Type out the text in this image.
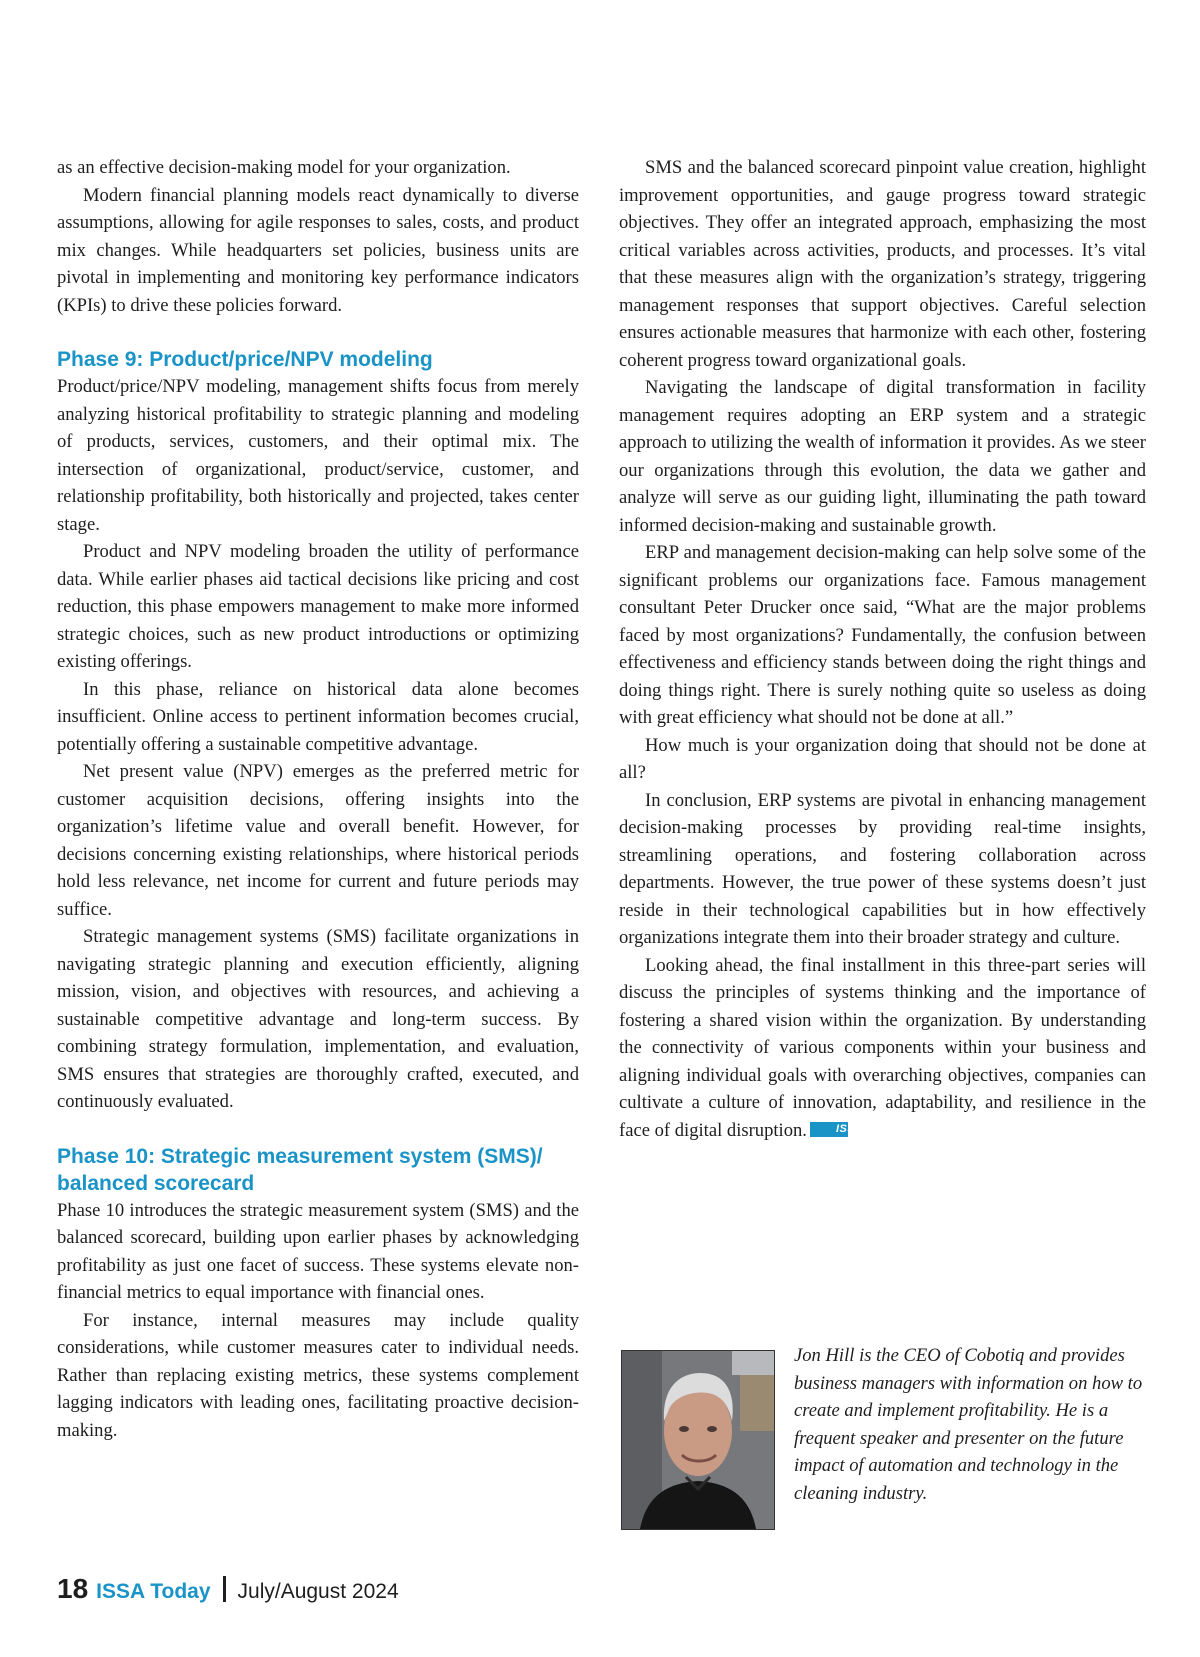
as an effective decision-making model for your organization.

Modern financial planning models react dynamically to diverse assumptions, allowing for agile responses to sales, costs, and product mix changes. While headquarters set policies, business units are pivotal in implementing and monitoring key performance indicators (KPIs) to drive these policies forward.

Phase 9: Product/price/NPV modeling

Product/price/NPV modeling, management shifts focus from merely analyzing historical profitability to strategic planning and modeling of products, services, customers, and their optimal mix. The intersection of organizational, product/service, customer, and relationship profitability, both historically and projected, takes center stage.

Product and NPV modeling broaden the utility of performance data. While earlier phases aid tactical decisions like pricing and cost reduction, this phase empowers management to make more informed strategic choices, such as new product introductions or optimizing existing offerings.

In this phase, reliance on historical data alone becomes insufficient. Online access to pertinent information becomes crucial, potentially offering a sustainable competitive advantage.

Net present value (NPV) emerges as the preferred metric for customer acquisition decisions, offering insights into the organization’s lifetime value and overall benefit. However, for decisions concerning existing relationships, where historical periods hold less relevance, net income for current and future periods may suffice.

Strategic management systems (SMS) facilitate organizations in navigating strategic planning and execution efficiently, aligning mission, vision, and objectives with resources, and achieving a sustainable competitive advantage and long-term success. By combining strategy formulation, implementation, and evaluation, SMS ensures that strategies are thoroughly crafted, executed, and continuously evaluated.

Phase 10: Strategic measurement system (SMS)/ balanced scorecard

Phase 10 introduces the strategic measurement system (SMS) and the balanced scorecard, building upon earlier phases by acknowledging profitability as just one facet of success. These systems elevate non-financial metrics to equal importance with financial ones.

For instance, internal measures may include quality considerations, while customer measures cater to individual needs. Rather than replacing existing metrics, these systems complement lagging indicators with leading ones, facilitating proactive decision-making.

SMS and the balanced scorecard pinpoint value creation, highlight improvement opportunities, and gauge progress toward strategic objectives. They offer an integrated approach, emphasizing the most critical variables across activities, products, and processes. It’s vital that these measures align with the organization’s strategy, triggering management responses that support objectives. Careful selection ensures actionable measures that harmonize with each other, fostering coherent progress toward organizational goals.

Navigating the landscape of digital transformation in facility management requires adopting an ERP system and a strategic approach to utilizing the wealth of information it provides. As we steer our organizations through this evolution, the data we gather and analyze will serve as our guiding light, illuminating the path toward informed decision-making and sustainable growth.

ERP and management decision-making can help solve some of the significant problems our organizations face. Famous management consultant Peter Drucker once said, “What are the major problems faced by most organizations? Fundamentally, the confusion between effectiveness and efficiency stands between doing the right things and doing things right. There is surely nothing quite so useless as doing with great efficiency what should not be done at all.”

How much is your organization doing that should not be done at all?

In conclusion, ERP systems are pivotal in enhancing management decision-making processes by providing real-time insights, streamlining operations, and fostering collaboration across departments. However, the true power of these systems doesn’t just reside in their technological capabilities but in how effectively organizations integrate them into their broader strategy and culture.

Looking ahead, the final installment in this three-part series will discuss the principles of systems thinking and the importance of fostering a shared vision within the organization. By understanding the connectivity of various components within your business and aligning individual goals with overarching objectives, companies can cultivate a culture of innovation, adaptability, and resilience in the face of digital disruption.	ISSA

Jon Hill is the CEO of Cobotiq and provides business managers with information on how to create and implement profitability. He is a frequent speaker and presenter on the future impact of automation and technology in the cleaning industry.
18 ISSA Today July/August 2024
